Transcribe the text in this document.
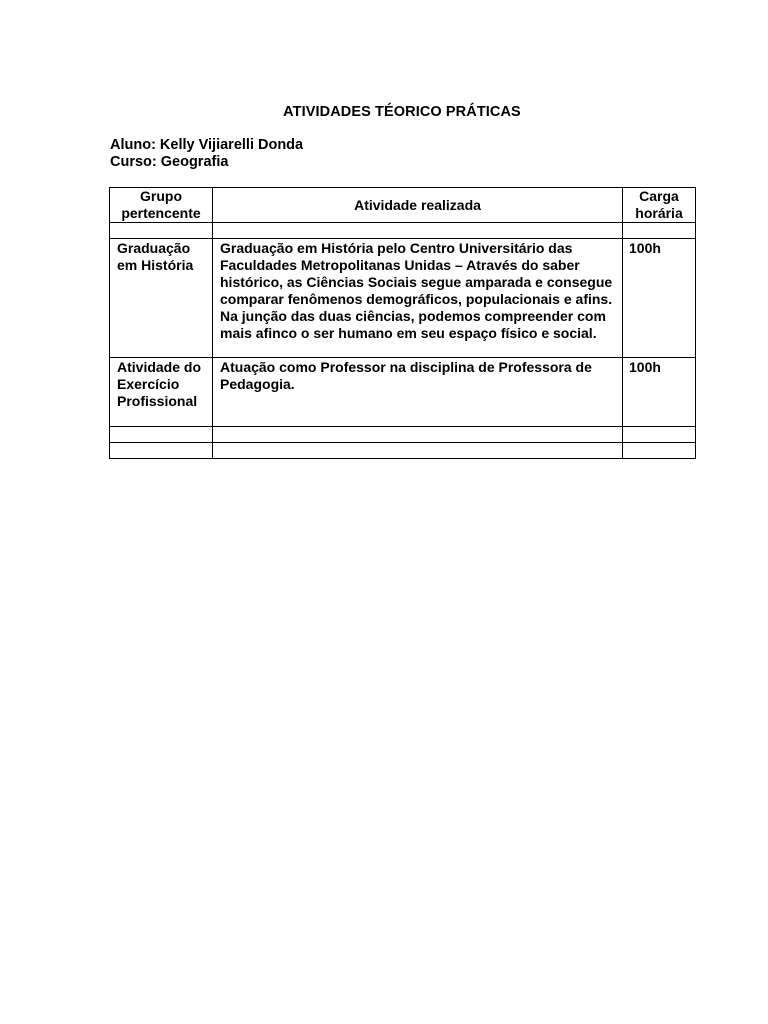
ATIVIDADES TÉORICO PRÁTICAS
Aluno: Kelly Vijiarelli Donda
Curso: Geografia
Grupo pertencente	Atividade realizada	Carga horária

Graduação em História	Graduação em História pelo Centro Universitário das Faculdades Metropolitanas Unidas – Através do saber histórico, as Ciências Sociais segue amparada e consegue comparar fenômenos demográficos, populacionais e afins. Na junção das duas ciências, podemos compreender com mais afinco o ser humano em seu espaço físico e social.	100h
Atividade do Exercício Profissional	Atuação como Professor na disciplina de Professora de Pedagogia.	100h
